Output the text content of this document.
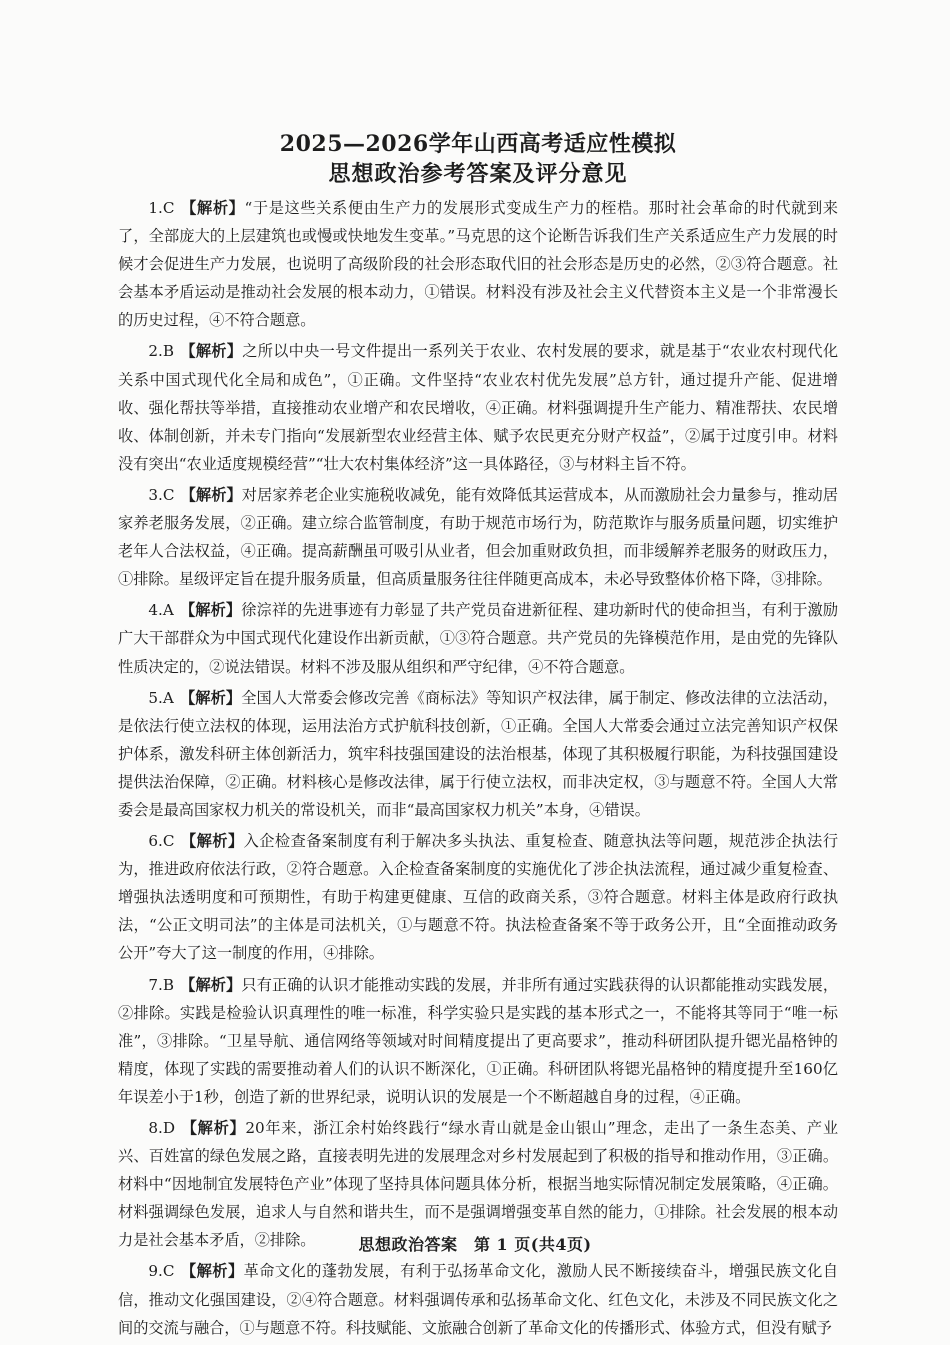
2025—2026学年山西高考适应性模拟
思想政治参考答案及评分意见

1.C 【解析】“于是这些关系便由生产力的发展形式变成生产力的桎梏。那时社会革命的时代就到来了，全部庞大的上层建筑也或慢或快地发生变革。”马克思的这个论断告诉我们生产关系适应生产力发展的时候才会促进生产力发展，也说明了高级阶段的社会形态取代旧的社会形态是历史的必然，②③符合题意。社会基本矛盾运动是推动社会发展的根本动力，①错误。材料没有涉及社会主义代替资本主义是一个非常漫长的历史过程，④不符合题意。

2.B 【解析】之所以中央一号文件提出一系列关于农业、农村发展的要求，就是基于“农业农村现代化关系中国式现代化全局和成色”，①正确。文件坚持“农业农村优先发展”总方针，通过提升产能、促进增收、强化帮扶等举措，直接推动农业增产和农民增收，④正确。材料强调提升生产能力、精准帮扶、农民增收、体制创新，并未专门指向“发展新型农业经营主体、赋予农民更充分财产权益”，②属于过度引申。材料没有突出“农业适度规模经营”“壮大农村集体经济”这一具体路径，③与材料主旨不符。

3.C 【解析】对居家养老企业实施税收减免，能有效降低其运营成本，从而激励社会力量参与，推动居家养老服务发展，②正确。建立综合监管制度，有助于规范市场行为，防范欺诈与服务质量问题，切实维护老年人合法权益，④正确。提高薪酬虽可吸引从业者，但会加重财政负担，而非缓解养老服务的财政压力，①排除。星级评定旨在提升服务质量，但高质量服务往往伴随更高成本，未必导致整体价格下降，③排除。

4.A 【解析】徐淙祥的先进事迹有力彰显了共产党员奋进新征程、建功新时代的使命担当，有利于激励广大干部群众为中国式现代化建设作出新贡献，①③符合题意。共产党员的先锋模范作用，是由党的先锋队性质决定的，②说法错误。材料不涉及服从组织和严守纪律，④不符合题意。

5.A 【解析】全国人大常委会修改完善《商标法》等知识产权法律，属于制定、修改法律的立法活动，是依法行使立法权的体现，运用法治方式护航科技创新，①正确。全国人大常委会通过立法完善知识产权保护体系，激发科研主体创新活力，筑牢科技强国建设的法治根基，体现了其积极履行职能，为科技强国建设提供法治保障，②正确。材料核心是修改法律，属于行使立法权，而非决定权，③与题意不符。全国人大常委会是最高国家权力机关的常设机关，而非“最高国家权力机关”本身，④错误。

6.C 【解析】入企检查备案制度有利于解决多头执法、重复检查、随意执法等问题，规范涉企执法行为，推进政府依法行政，②符合题意。入企检查备案制度的实施优化了涉企执法流程，通过减少重复检查、增强执法透明度和可预期性，有助于构建更健康、互信的政商关系，③符合题意。材料主体是政府行政执法，“公正文明司法”的主体是司法机关，①与题意不符。执法检查备案不等于政务公开，且“全面推动政务公开”夸大了这一制度的作用，④排除。

7.B 【解析】只有正确的认识才能推动实践的发展，并非所有通过实践获得的认识都能推动实践发展，②排除。实践是检验认识真理性的唯一标准，科学实验只是实践的基本形式之一，不能将其等同于“唯一标准”，③排除。“卫星导航、通信网络等领域对时间精度提出了更高要求”，推动科研团队提升锶光晶格钟的精度，体现了实践的需要推动着人们的认识不断深化，①正确。科研团队将锶光晶格钟的精度提升至160亿年误差小于1秒，创造了新的世界纪录，说明认识的发展是一个不断超越自身的过程，④正确。

8.D 【解析】20年来，浙江余村始终践行“绿水青山就是金山银山”理念，走出了一条生态美、产业兴、百姓富的绿色发展之路，直接表明先进的发展理念对乡村发展起到了积极的指导和推动作用，③正确。材料中“因地制宜发展特色产业”体现了坚持具体问题具体分析，根据当地实际情况制定发展策略，④正确。材料强调绿色发展，追求人与自然和谐共生，而不是强调增强变革自然的能力，①排除。社会发展的根本动力是社会基本矛盾，②排除。

9.C 【解析】革命文化的蓬勃发展，有利于弘扬革命文化，激励人民不断接续奋斗，增强民族文化自信，推动文化强国建设，②④符合题意。材料强调传承和弘扬革命文化、红色文化，未涉及不同民族文化之间的交流与融合，①与题意不符。科技赋能、文旅融合创新了革命文化的传播形式、体验方式，但没有赋予

思想政治答案　第 1 页(共4页)
